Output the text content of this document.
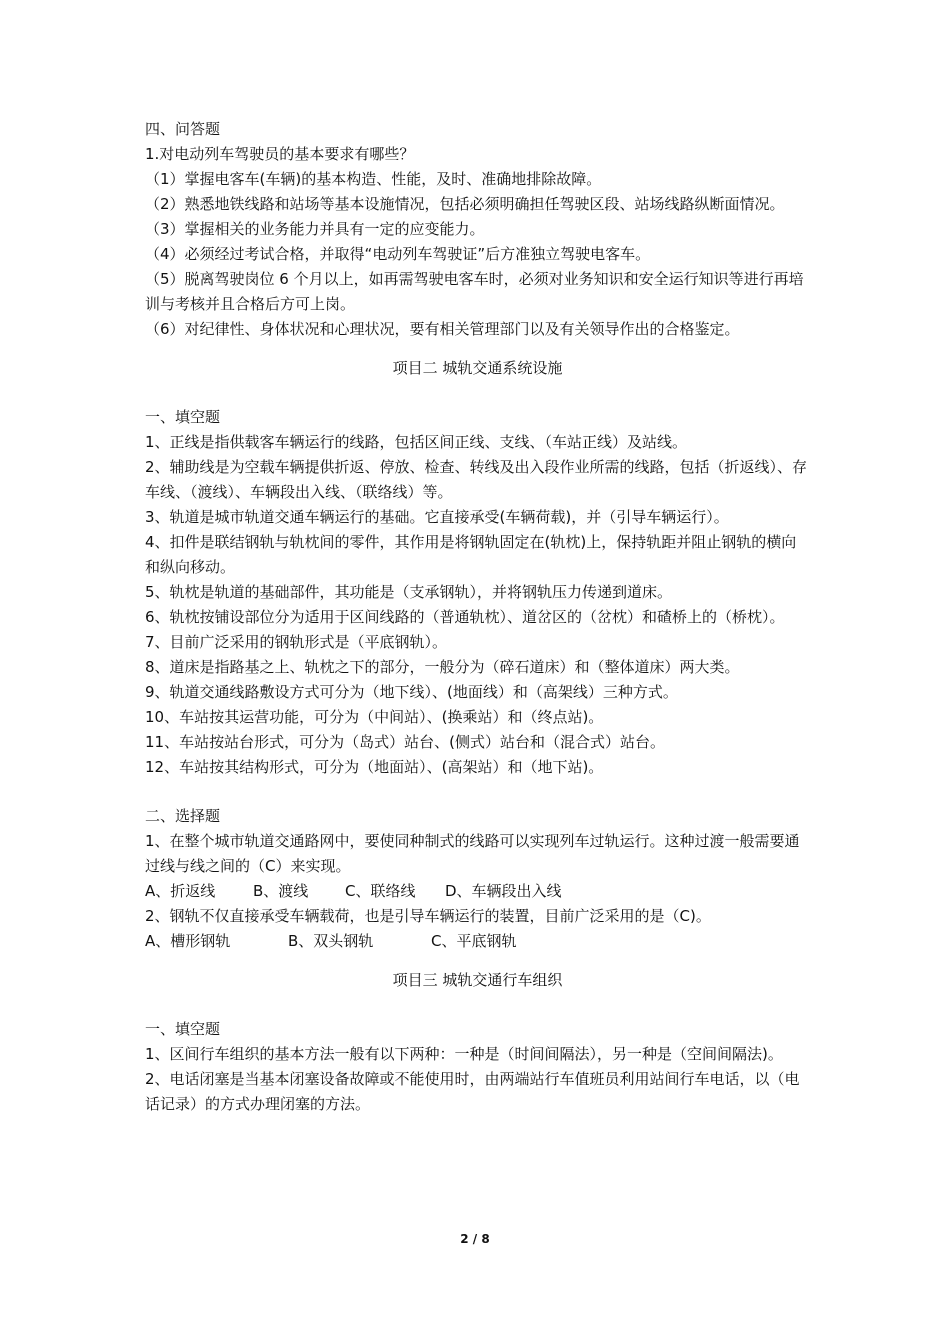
四、问答题

1.对电动列车驾驶员的基本要求有哪些？

（1）掌握电客车(车辆)的基本构造、性能，及时、准确地排除故障。

（2）熟悉地铁线路和站场等基本设施情况，包括必须明确担任驾驶区段、站场线路纵断面情况。

（3）掌握相关的业务能力并具有一定的应变能力。

（4）必须经过考试合格，并取得“电动列车驾驶证”后方准独立驾驶电客车。

（5）脱离驾驶岗位 6 个月以上，如再需驾驶电客车时，必须对业务知识和安全运行知识等进行再培训与考核并且合格后方可上岗。

（6）对纪律性、身体状况和心理状况，要有相关管理部门以及有关领导作出的合格鉴定。

项目二 城轨交通系统设施

一、填空题

1、正线是指供载客车辆运行的线路，包括区间正线、支线、（车站正线）及站线。

2、辅助线是为空载车辆提供折返、停放、检查、转线及出入段作业所需的线路，包括（折返线）、存车线、（渡线）、车辆段出入线、（联络线）等。

3、轨道是城市轨道交通车辆运行的基础。它直接承受(车辆荷载)，并（引导车辆运行）。

4、扣件是联结钢轨与轨枕间的零件，其作用是将钢轨固定在(轨枕)上，保持轨距并阻止钢轨的横向和纵向移动。

5、轨枕是轨道的基础部件，其功能是（支承钢轨），并将钢轨压力传递到道床。

6、轨枕按铺设部位分为适用于区间线路的（普通轨枕）、道岔区的（岔枕）和碴桥上的（桥枕）。

7、目前广泛采用的钢轨形式是（平底钢轨）。

8、道床是指路基之上、轨枕之下的部分，一般分为（碎石道床）和（整体道床）两大类。

9、轨道交通线路敷设方式可分为（地下线）、(地面线）和（高架线）三种方式。

10、车站按其运营功能，可分为（中间站）、(换乘站）和（终点站)。

11、车站按站台形式，可分为（岛式）站台、(侧式）站台和（混合式）站台。

12、车站按其结构形式，可分为（地面站）、(高架站）和（地下站)。

二、选择题

1、在整个城市轨道交通路网中，要使同种制式的线路可以实现列车过轨运行。这种过渡一般需要通过线与线之间的（C）来实现。

A、折返线	B、渡线 C、联络线 D、车辆段出入线

2、钢轨不仅直接承受车辆载荷，也是引导车辆运行的装置，目前广泛采用的是（C)。

A、槽形钢轨	B、双头钢轨	C、平底钢轨

项目三 城轨交通行车组织

一、填空题

1、区间行车组织的基本方法一般有以下两种：一种是（时间间隔法），另一种是（空间间隔法)。

2、电话闭塞是当基本闭塞设备故障或不能使用时，由两端站行车值班员利用站间行车电话，以（电话记录）的方式办理闭塞的方法。

2 / 8
